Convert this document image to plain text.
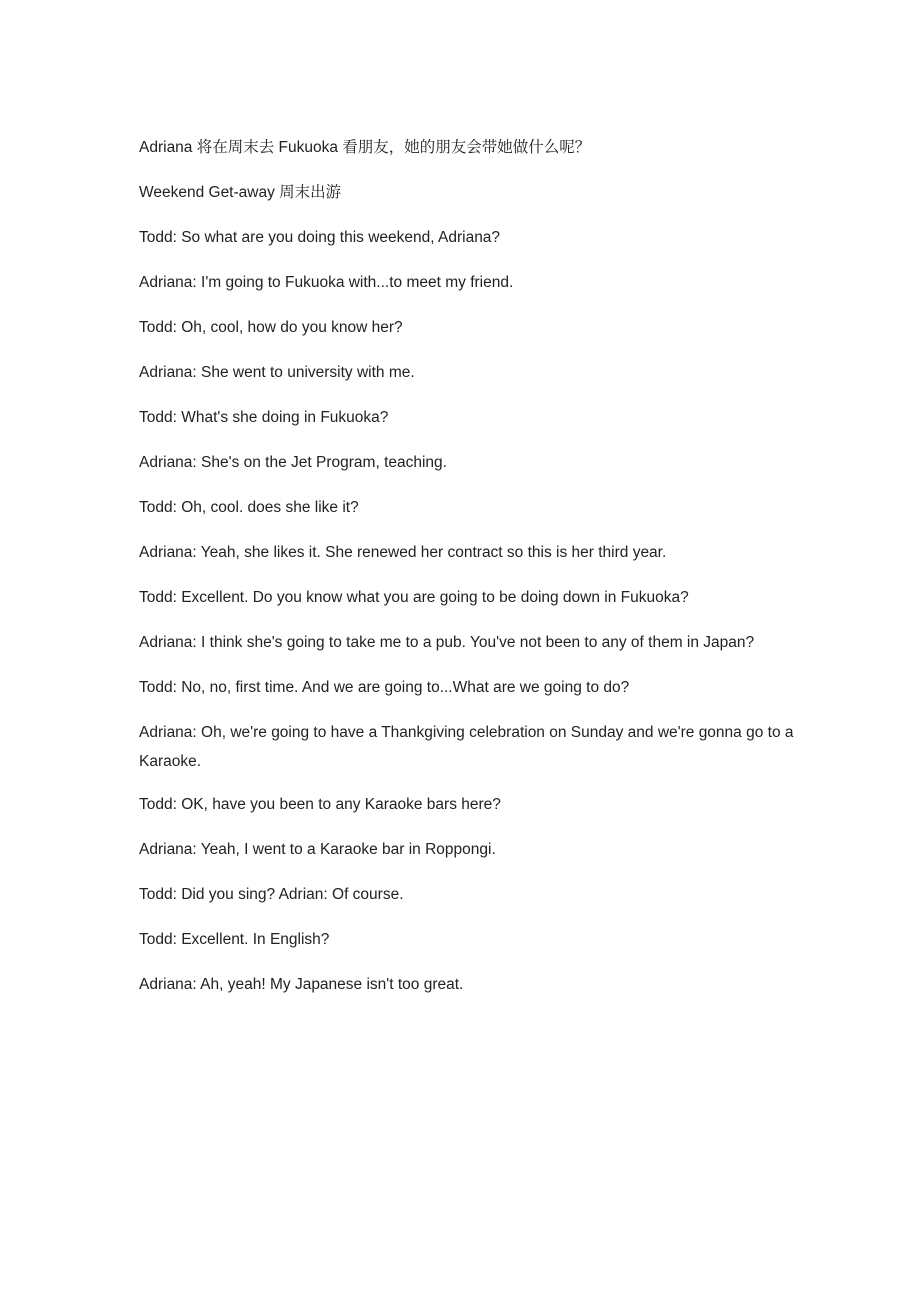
Adriana 将在周末去 Fukuoka 看朋友，她的朋友会带她做什么呢？

Weekend Get-away 周末出游

Todd: So what are you doing this weekend, Adriana?

Adriana: I'm going to Fukuoka with...to meet my friend.

Todd: Oh, cool, how do you know her?

Adriana: She went to university with me.

Todd: What's she doing in Fukuoka?

Adriana: She's on the Jet Program, teaching.

Todd: Oh, cool. does she like it?

Adriana: Yeah, she likes it. She renewed her contract so this is her third year.

Todd: Excellent. Do you know what you are going to be doing down in Fukuoka?

Adriana: I think she's going to take me to a pub. You've not been to any of them in Japan?

Todd: No, no, first time. And we are going to...What are we going to do?

Adriana: Oh, we're going to have a Thankgiving celebration on Sunday and we're gonna go to a Karaoke.

Todd: OK, have you been to any Karaoke bars here?

Adriana: Yeah, I went to a Karaoke bar in Roppongi.

Todd: Did you sing? Adrian: Of course.

Todd: Excellent. In English?

Adriana: Ah, yeah! My Japanese isn't too great.
